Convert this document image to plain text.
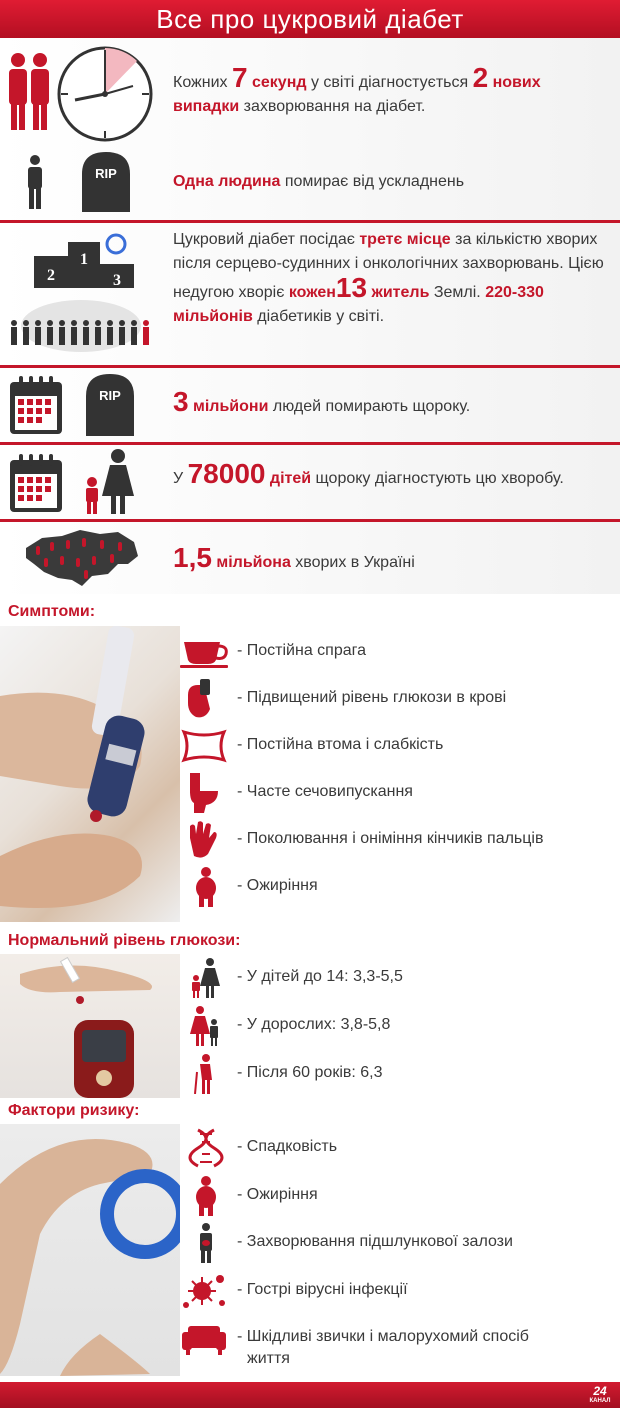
Все про цукровий діабет
Кожних 7 секунд у світі діагностується 2 нових
випадки захворювання на діабет.
RIP	Одна людина помирає від ускладнень
1
2	3
Цукровий діабет посідає третє місце за кількістю хворих після серцево-судинних і онкологічних захворювань. Цією недугою хворіє кожен13 житель Землі. 220-330 мільйонів діабетиків у світі.
RIP 3 мільйони людей помирають щороку.
У 78000 дітей щороку діагностують цю хворобу.
1,5 мільйона хворих в Україні
Симптоми:
- Постійна спрага
- Підвищений рівень глюкози в крові
- Постійна втома і слабкість
- Часте сечовипускання
- Поколювання і оніміння кінчиків пальців
- Ожиріння
Нормальний рівень глюкози:
- У дітей до 14: 3,3-5,5
- У дорослих: 3,8-5,8
- Після 60 років: 6,3
Фактори ризику:
- Спадковість
- Ожиріння
- Захворювання підшлункової залози
- Гострі вірусні інфекції
- Шкідливі звички і малорухомий спосіб
життя
24
КАНАЛ
